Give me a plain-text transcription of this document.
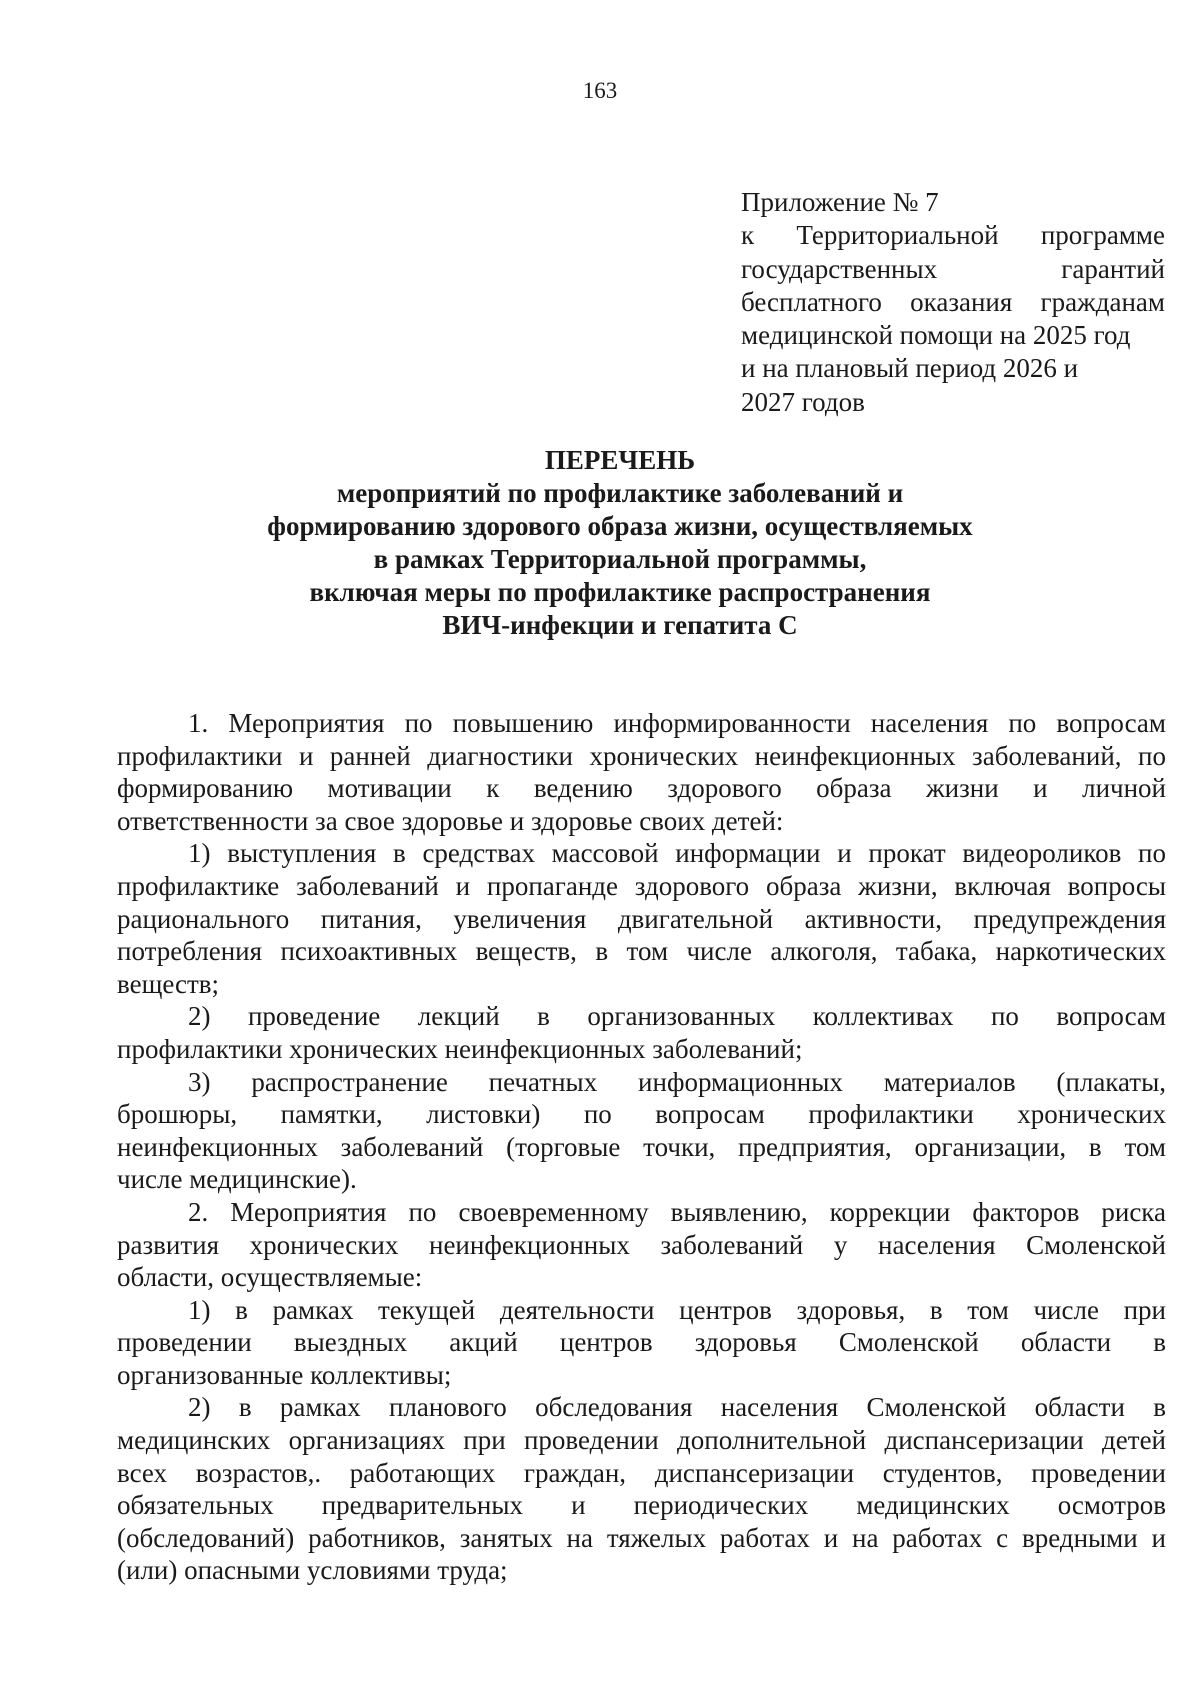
163
Приложение № 7
к Территориальной программе
государственных гарантий
бесплатного оказания гражданам
медицинской помощи на 2025 год
и на плановый период 2026 и
2027 годов
ПЕРЕЧЕНЬ
мероприятий по профилактике заболеваний и
формированию здорового образа жизни, осуществляемых
в рамках Территориальной программы,
включая меры по профилактике распространения
ВИЧ-инфекции и гепатита С
1. Мероприятия по повышению информированности населения по вопросам
профилактики и ранней диагностики хронических неинфекционных заболеваний, по
формированию мотивации к ведению здорового образа жизни и личной
ответственности за свое здоровье и здоровье своих детей:
1) выступления в средствах массовой информации и прокат видеороликов по
профилактике заболеваний и пропаганде здорового образа жизни, включая вопросы
рационального питания, увеличения двигательной активности, предупреждения
потребления психоактивных веществ, в том числе алкоголя, табака, наркотических
веществ;
2) проведение лекций в организованных коллективах по вопросам
профилактики хронических неинфекционных заболеваний;
3) распространение печатных информационных материалов (плакаты,
брошюры, памятки, листовки) по вопросам профилактики хронических
неинфекционных заболеваний (торговые точки, предприятия, организации, в том
числе медицинские).
2. Мероприятия по своевременному выявлению, коррекции факторов риска
развития хронических неинфекционных заболеваний у населения Смоленской
области, осуществляемые:
1) в рамках текущей деятельности центров здоровья, в том числе при
проведении выездных акций центров здоровья Смоленской области в
организованные коллективы;
2) в рамках планового обследования населения Смоленской области в
медицинских организациях при проведении дополнительной диспансеризации детей
всех возрастов,. работающих граждан, диспансеризации студентов, проведении
обязательных предварительных и периодических медицинских осмотров
(обследований) работников, занятых на тяжелых работах и на работах с вредными и
(или) опасными условиями труда;
